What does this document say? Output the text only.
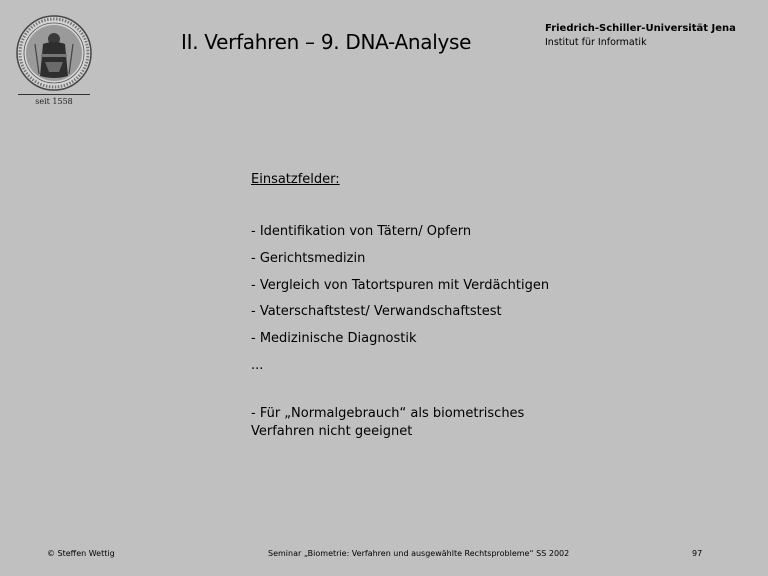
seit 1558
II. Verfahren – 9. DNA-Analyse
Friedrich-Schiller-Universität Jena
Institut für Informatik
Einsatzfelder:
- Identifikation von Tätern/ Opfern
- Gerichtsmedizin
- Vergleich von Tatortspuren mit Verdächtigen
- Vaterschaftstest/ Verwandschaftstest
- Medizinische Diagnostik
...
- Für „Normalgebrauch“ als biometrisches Verfahren nicht geeignet
© Steffen Wettig	Seminar „Biometrie: Verfahren und ausgewählte Rechtsprobleme“ SS 2002	97
